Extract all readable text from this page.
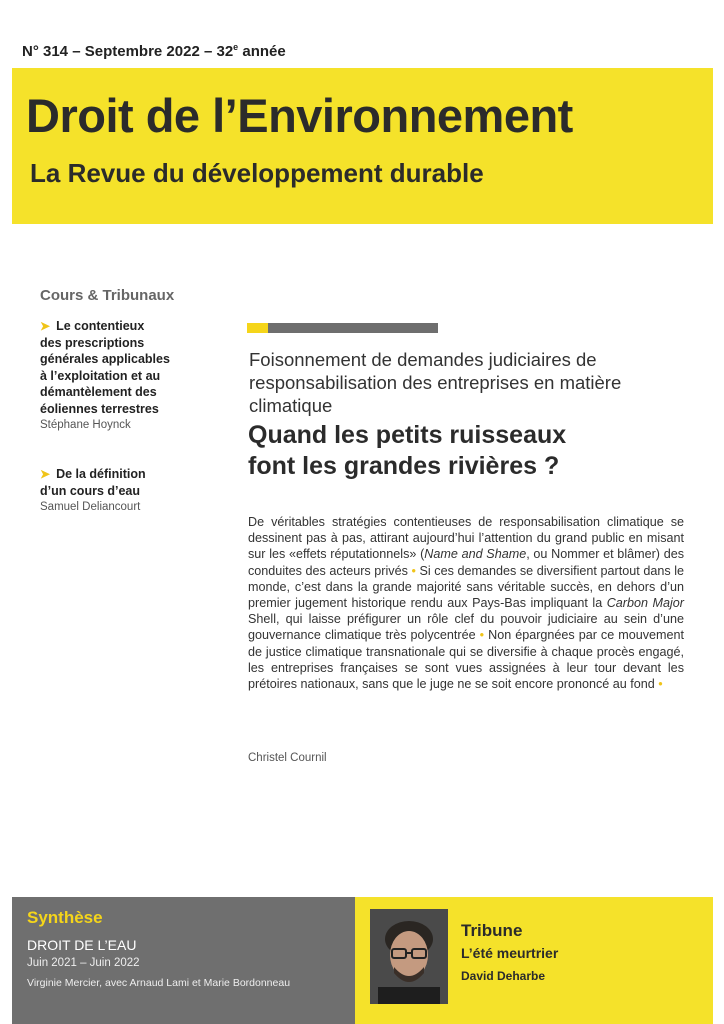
N° 314 – Septembre 2022 – 32e année
Droit de l’Environnement
La Revue du développement durable
Cours & Tribunaux
➤ Le contentieux
des prescriptions
générales applicables
à l’exploitation et au
démantèlement des
éoliennes terrestres
Stéphane Hoynck
➤ De la définition
d’un cours d’eau
Samuel Deliancourt
Foisonnement de demandes judiciaires de responsabilisation des entreprises en matière climatique
Quand les petits ruisseaux
font les grandes rivières ?
De véritables stratégies contentieuses de responsabilisation climatique se dessinent pas à pas, attirant aujourd’hui l’attention du grand public en misant sur les «effets réputationnels» (Name and Shame, ou Nommer et blâmer) des conduites des acteurs privés • Si ces demandes se diversifient partout dans le monde, c’est dans la grande majorité sans véritable succès, en dehors d’un premier jugement historique rendu aux Pays-Bas impliquant la Carbon Major Shell, qui laisse préfigurer un rôle clef du pouvoir judiciaire au sein d’une gouvernance climatique très polycentrée • Non épargnées par ce mouvement de justice climatique transnationale qui se diversifie à chaque procès engagé, les entreprises françaises se sont vues assignées à leur tour devant les prétoires nationaux, sans que le juge ne se soit encore prononcé au fond •
Christel Cournil
Synthèse
DROIT DE L’EAU
Juin 2021 – Juin 2022
Virginie Mercier, avec Arnaud Lami et Marie Bordonneau
Tribune
L’été meurtrier
David Deharbe
